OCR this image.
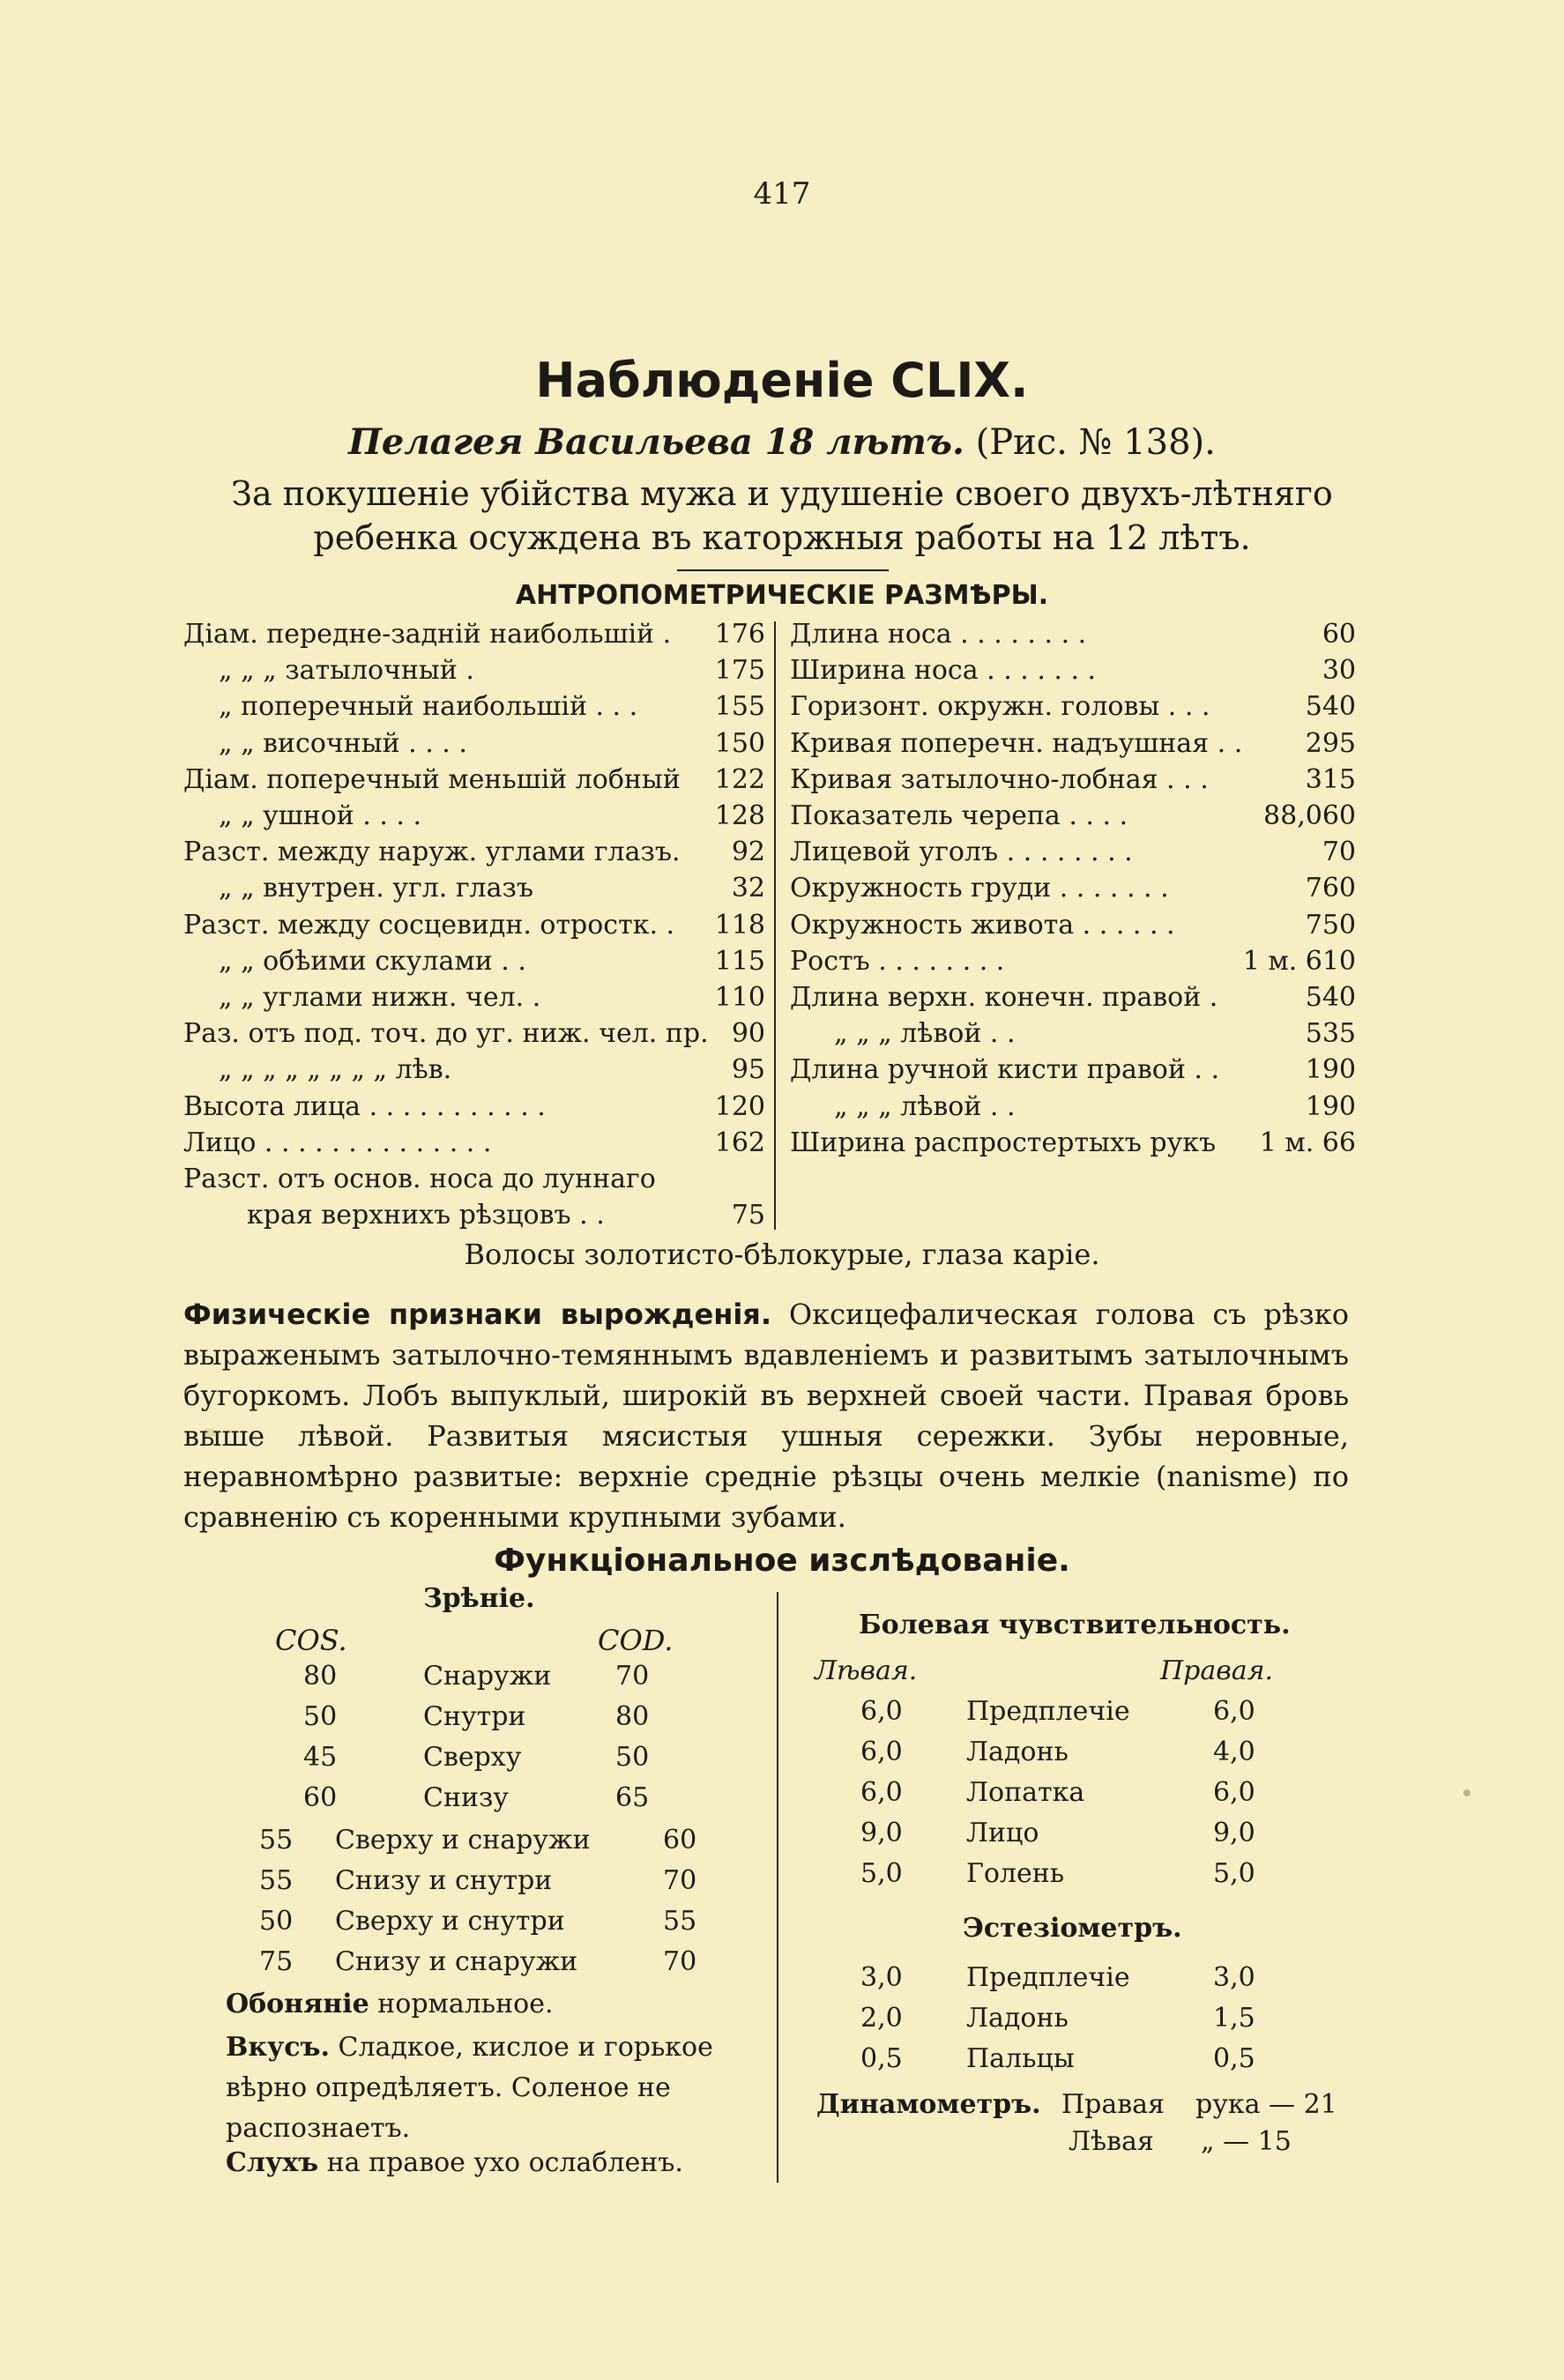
417
Наблюденіе CLIX.
Пелагея Васильева 18 лѣтъ. (Рис. № 138).
За покушеніе убійства мужа и удушеніе своего двухъ-лѣтняго ребенка осуждена въ каторжныя работы на 12 лѣтъ.
АНТРОПОМЕТРИЧЕСКІЕ РАЗМѢРЫ.
Діам. передне-задній наибольшій . 176
„ „ „ затылочный .	175
„ поперечный наибольшій . . .	155
„ „ височный . . . .	150
Діам. поперечный меньшій лобный 122
„ „ ушной . . . .	128
Разст. между наруж. углами глазъ. 92
„ „ внутрен. угл. глазъ	32
Разст. между сосцевидн. отростк. . 118
„ „ обѣими скулами . .	115
„ „ углами нижн. чел. .	110
Раз. отъ под. точ. до уг. ниж. чел. пр. 90
„ „ „ „ „ „ „ „ лѣв.	95
Высота лица . . . . . . . . . . .	120
Лицо . . . . . . . . . . . . . .	162
Разст. отъ основ. носа до луннаго
края верхнихъ рѣзцовъ . .	75
Длина носа . . . . . . . .	60
Ширина носа . . . . . . .	30
Горизонт. окружн. головы . . .	540
Кривая поперечн. надъушная . . 295
Кривая затылочно-лобная . . .	315
Показатель черепа . . . .	88,060
Лицевой уголъ . . . . . . . .	70
Окружность груди . . . . . . .	760
Окружность живота . . . . . .	750
Ростъ . . . . . . . .	1 м. 610
Длина верхн. конечн. правой .	540
„ „ „ лѣвой . .	535
Длина ручной кисти правой . .	190
„ „ „ лѣвой . .	190
Ширина распростертыхъ рукъ 1 м. 66
Волосы золотисто-бѣлокурые, глаза каріе.
Физическіе признаки вырожденія. Оксицефалическая голова съ рѣзко выраженымъ затылочно-темяннымъ вдавленіемъ и развитымъ затылочнымъ бугоркомъ. Лобъ выпуклый, широкій въ верхней своей части. Правая бровь выше лѣвой. Развитыя мясистыя ушныя сережки. Зубы неровные, неравномѣрно развитые: верхніе средніе рѣзцы очень мелкіе (nanisme) по сравненію съ коренными крупными зубами.
Функціональное изслѣдованіе.
Зрѣніе.
COS.	COD.
80	Снаружи 70
50	Снутри	80
45	Сверху	50
60	Снизу	65
55 Сверху и снаружи	60
55 Снизу и снутри	70
50 Сверху и снутри	55
75 Снизу и снаружи	70
Обоняніе нормальное.
Вкусъ. Сладкое, кислое и горькое вѣрно опредѣляетъ. Соленое не распознаетъ.
Слухъ на правое ухо ослабленъ.
Болевая чувствительность.
Лѣвая.	Правая.
6,0 Предплечіе	6,0
6,0 Ладонь	4,0
6,0 Лопатка	6,0
9,0 Лицо	9,0
5,0 Голень	5,0
Эстезіометръ.
3,0 Предплечіе	3,0
2,0 Ладонь	1,5
0,5 Пальцы	0,5
Динамометръ. Правая рука — 21
Лѣвая „ — 15
